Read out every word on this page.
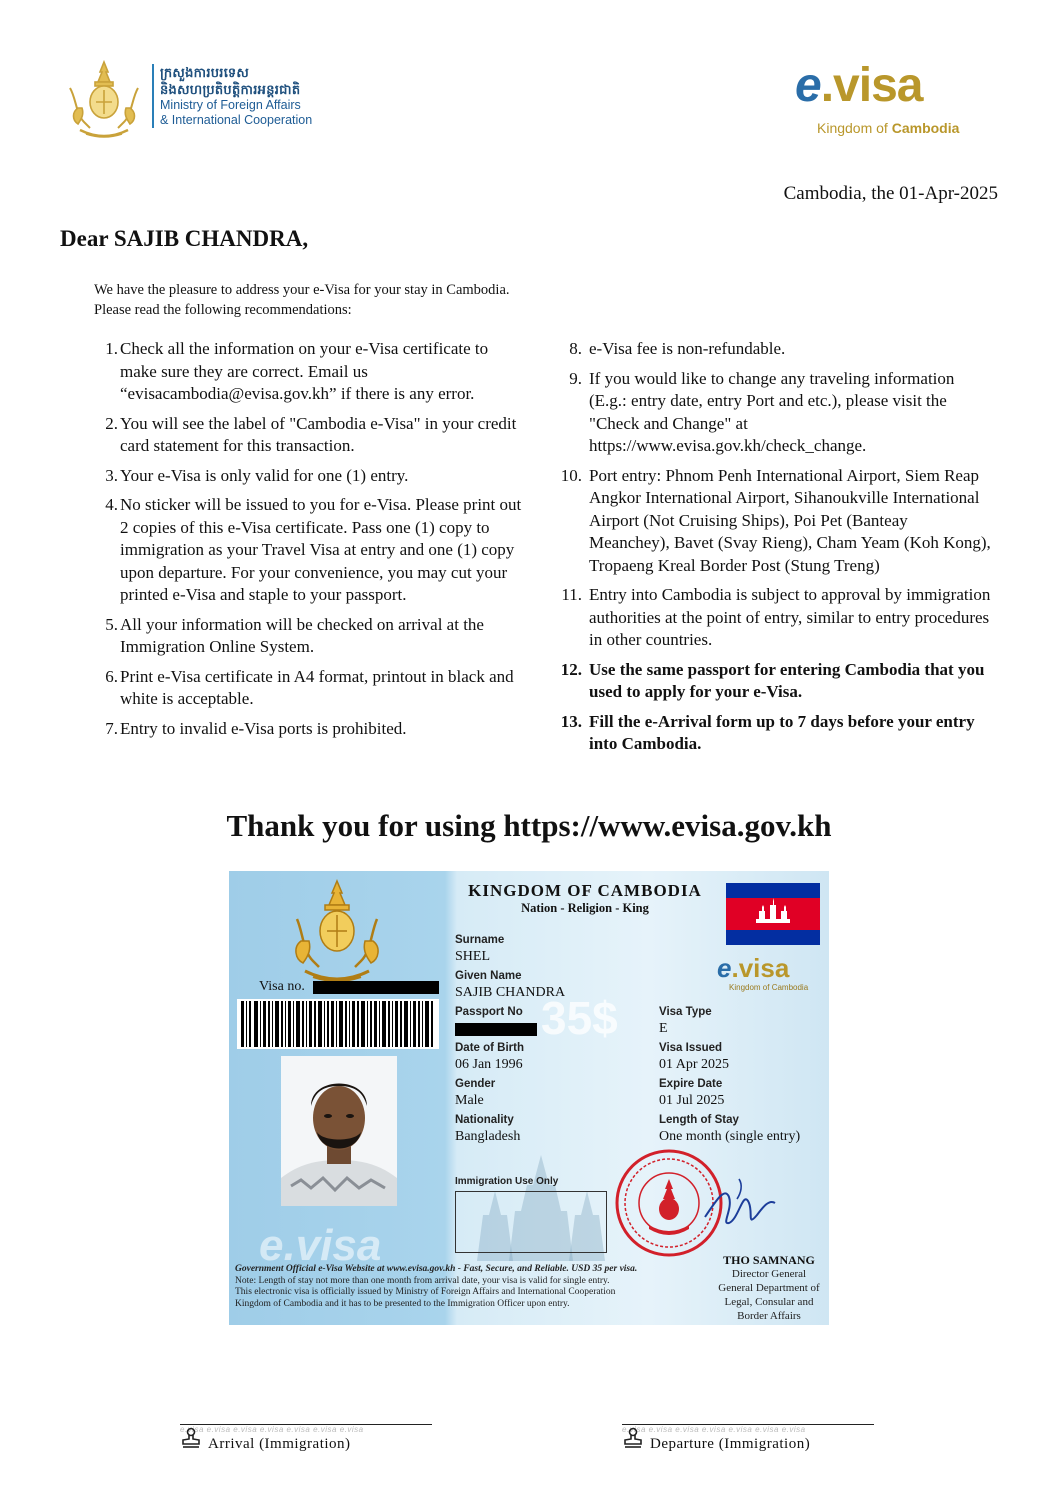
ក្រសួងការបរទេស
និងសហប្រតិបត្តិការអន្តរជាតិ
Ministry of Foreign Affairs
& International Cooperation
e.visa
Kingdom of Cambodia
Cambodia, the 01-Apr-2025
Dear SAJIB CHANDRA,
We have the pleasure to address your e-Visa for your stay in Cambodia.
Please read the following recommendations:
1. Check all the information on your e-Visa certificate to make sure they are correct. Email us “evisacambodia@evisa.gov.kh” if there is any error.
2. You will see the label of "Cambodia e-Visa" in your credit card statement for this transaction.
3. Your e-Visa is only valid for one (1) entry.
4. No sticker will be issued to you for e-Visa. Please print out 2 copies of this e-Visa certificate. Pass one (1) copy to immigration as your Travel Visa at entry and one (1) copy upon departure. For your convenience, you may cut your printed e-Visa and staple to your passport.
5. All your information will be checked on arrival at the Immigration Online System.
6. Print e-Visa certificate in A4 format, printout in black and white is acceptable.
7. Entry to invalid e-Visa ports is prohibited.
8. e-Visa fee is non-refundable.
9. If you would like to change any traveling information (E.g.: entry date, entry Port and etc.), please visit the "Check and Change" at https://www.evisa.gov.kh/check_change.
10. Port entry: Phnom Penh International Airport, Siem Reap Angkor International Airport, Sihanoukville International Airport (Not Cruising Ships), Poi Pet (Banteay Meanchey), Bavet (Svay Rieng), Cham Yeam (Koh Kong), Tropaeng Kreal Border Post (Stung Treng)
11. Entry into Cambodia is subject to approval by immigration authorities at the point of entry, similar to entry procedures in other countries.
12. Use the same passport for entering Cambodia that you used to apply for your e-Visa.
13. Fill the e-Arrival form up to 7 days before your entry into Cambodia.
Thank you for using https://www.evisa.gov.kh
Visa no.
KINGDOM OF CAMBODIA
Nation - Religion - King
e.visa
Kingdom of Cambodia
35$
Surname
SHEL
Given Name
SAJIB CHANDRA
Passport No
Date of Birth
06 Jan 1996
Gender
Male
Nationality
Bangladesh
Visa Type
E
Visa Issued
01 Apr 2025
Expire Date
01 Jul 2025
Length of Stay
One month (single entry)
Immigration Use Only
THO SAMNANG
Director General
General Department of
Legal, Consular and
Border Affairs
e.visa
Government Official e-Visa Website at www.evisa.gov.kh - Fast, Secure, and Reliable. USD 35 per visa.
Note: Length of stay not more than one month from arrival date, your visa is valid for single entry.
This electronic visa is officially issued by Ministry of Foreign Affairs and International Cooperation
Kingdom of Cambodia and it has to be presented to the Immigration Officer upon entry.
e.visa e.visa e.visa e.visa e.visa e.visa e.visa
Arrival (Immigration)
e.visa e.visa e.visa e.visa e.visa e.visa e.visa
Departure (Immigration)
